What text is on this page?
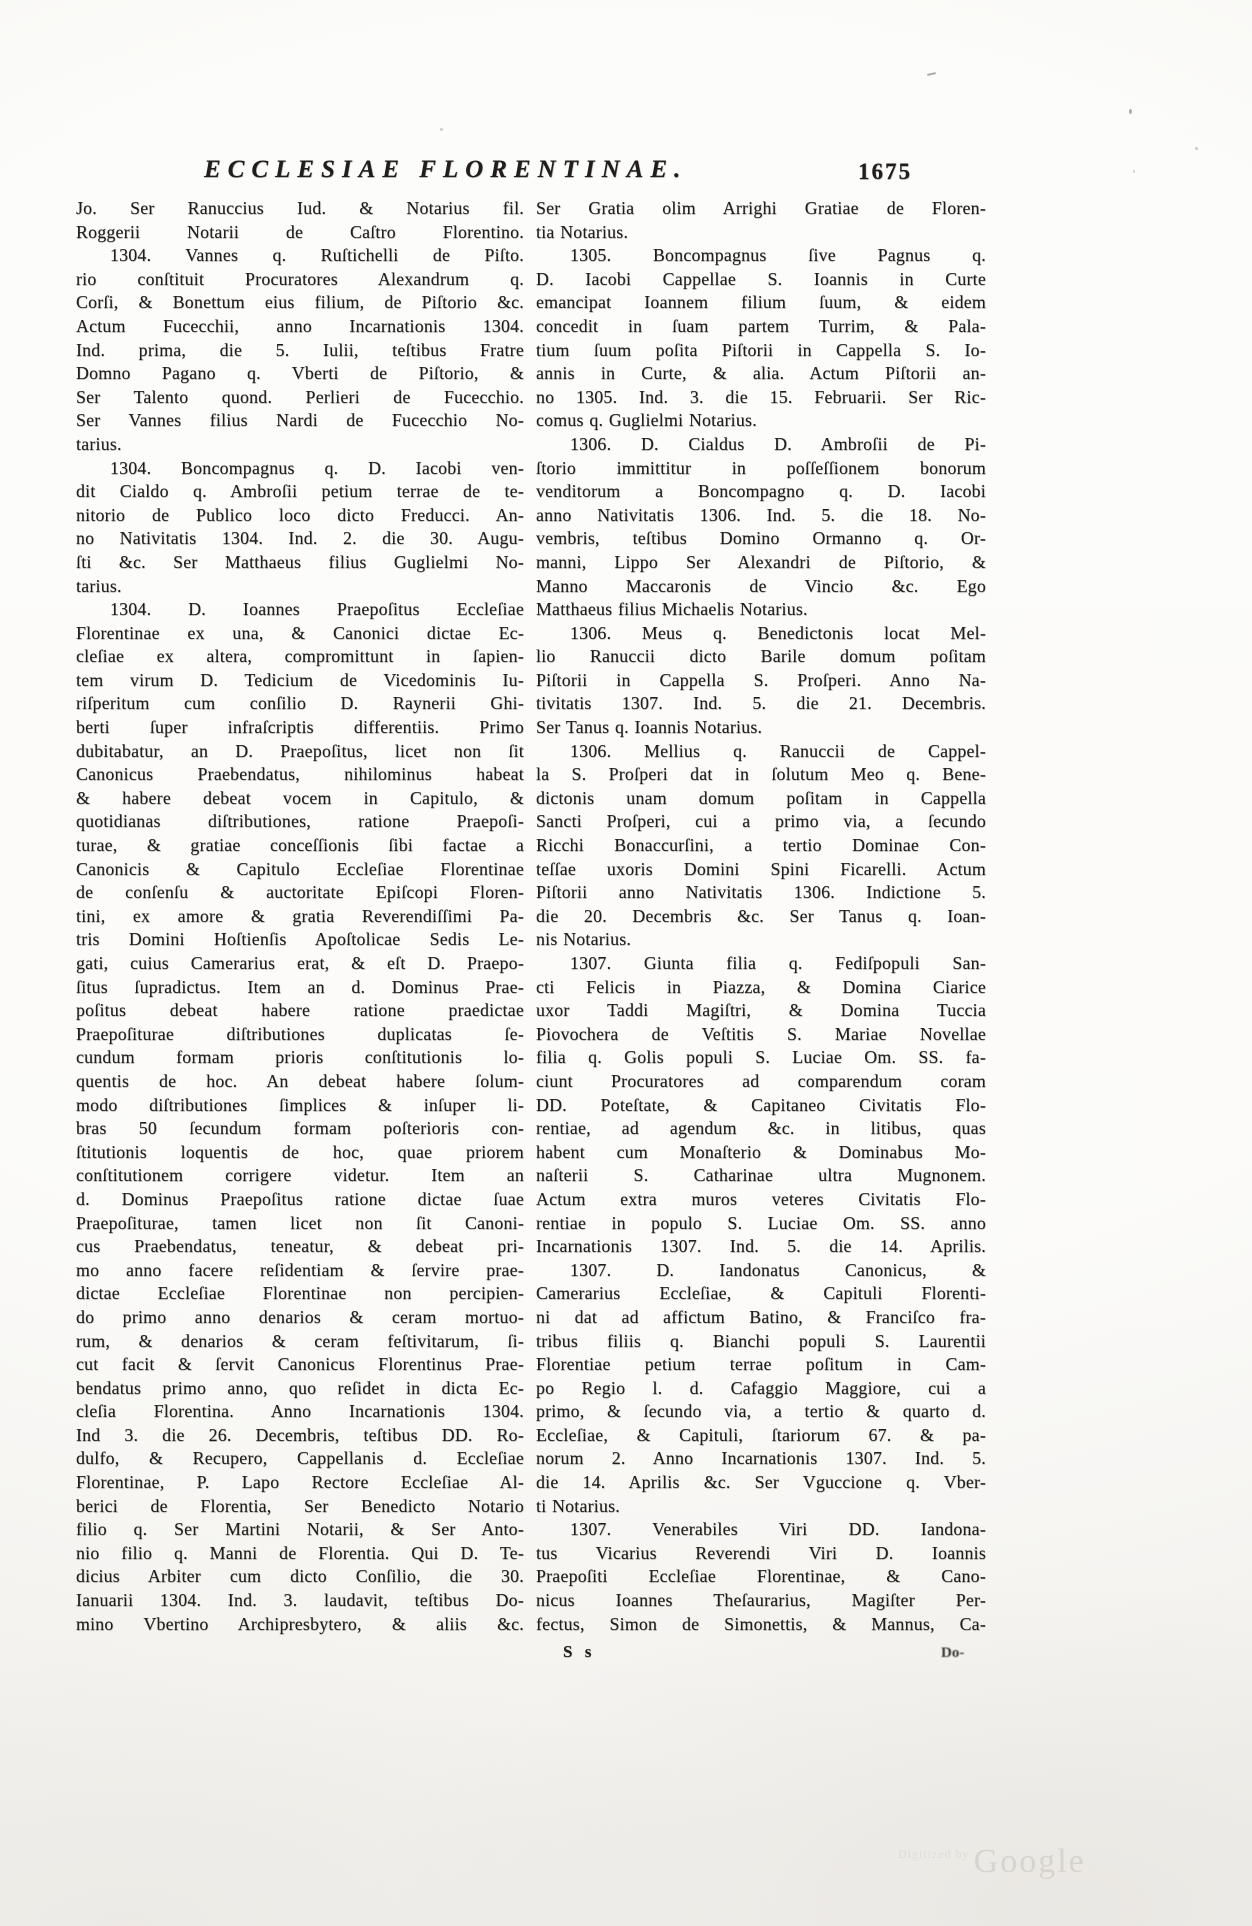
ECCLESIAE FLORENTINAE.	1675
Jo. Ser Ranuccius Iud. & Notarius fil.
Roggerii Notarii de Caſtro Florentino.
1304. Vannes q. Ruſtichelli de Piſto.
rio conſtituit Procuratores Alexandrum q.
Corſi, & Bonettum eius filium, de Piſtorio &c.
Actum Fucecchii, anno Incarnationis 1304.
Ind. prima, die 5. Iulii, teſtibus Fratre
Domno Pagano q. Vberti de Piſtorio, &
Ser Talento quond. Perlieri de Fucecchio.
Ser Vannes filius Nardi de Fucecchio No-
tarius.
1304. Boncompagnus q. D. Iacobi ven-
dit Cialdo q. Ambroſii petium terrae de te-
nitorio de Publico loco dicto Freducci. An-
no Nativitatis 1304. Ind. 2. die 30. Augu-
ſti &c. Ser Matthaeus filius Guglielmi No-
tarius.
1304. D. Ioannes Praepoſitus Eccleſiae
Florentinae ex una, & Canonici dictae Ec-
cleſiae ex altera, compromittunt in ſapien-
tem virum D. Tedicium de Vicedominis Iu-
riſperitum cum conſilio D. Raynerii Ghi-
berti ſuper infraſcriptis differentiis. Primo
dubitabatur, an D. Praepoſitus, licet non ſit
Canonicus Praebendatus, nihilominus habeat
& habere debeat vocem in Capitulo, &
quotidianas diſtributiones, ratione Praepoſi-
turae, & gratiae conceſſionis ſibi factae a
Canonicis & Capitulo Eccleſiae Florentinae
de conſenſu & auctoritate Epiſcopi Floren-
tini, ex amore & gratia Reverendiſſimi Pa-
tris Domini Hoſtienſis Apoſtolicae Sedis Le-
gati, cuius Camerarius erat, & eſt D. Praepo-
ſitus ſupradictus. Item an d. Dominus Prae-
poſitus debeat habere ratione praedictae
Praepoſiturae diſtributiones duplicatas ſe-
cundum formam prioris conſtitutionis lo-
quentis de hoc. An debeat habere ſolum-
modo diſtributiones ſimplices & inſuper li-
bras 50 ſecundum formam poſterioris con-
ſtitutionis loquentis de hoc, quae priorem
conſtitutionem corrigere videtur. Item an
d. Dominus Praepoſitus ratione dictae ſuae
Praepoſiturae, tamen licet non ſit Canoni-
cus Praebendatus, teneatur, & debeat pri-
mo anno facere reſidentiam & ſervire prae-
dictae Eccleſiae Florentinae non percipien-
do primo anno denarios & ceram mortuo-
rum, & denarios & ceram feſtivitarum, ſi-
cut facit & ſervit Canonicus Florentinus Prae-
bendatus primo anno, quo reſidet in dicta Ec-
cleſia Florentina. Anno Incarnationis 1304.
Ind 3. die 26. Decembris, teſtibus DD. Ro-
dulfo, & Recupero, Cappellanis d. Eccleſiae
Florentinae, P. Lapo Rectore Eccleſiae Al-
berici de Florentia, Ser Benedicto Notario
filio q. Ser Martini Notarii, & Ser Anto-
nio filio q. Manni de Florentia. Qui D. Te-
dicius Arbiter cum dicto Conſilio, die 30.
Ianuarii 1304. Ind. 3. laudavit, teſtibus Do-
mino Vbertino Archipresbytero, & aliis &c.
Ser Gratia olim Arrighi Gratiae de Floren-
tia Notarius.
1305. Boncompagnus ſive Pagnus q.
D. Iacobi Cappellae S. Ioannis in Curte
emancipat Ioannem filium ſuum, & eidem
concedit in ſuam partem Turrim, & Pala-
tium ſuum poſita Piſtorii in Cappella S. Io-
annis in Curte, & alia. Actum Piſtorii an-
no 1305. Ind. 3. die 15. Februarii. Ser Ric-
comus q. Guglielmi Notarius.
1306. D. Cialdus D. Ambroſii de Pi-
ſtorio immittitur in poſſeſſionem bonorum
venditorum a Boncompagno q. D. Iacobi
anno Nativitatis 1306. Ind. 5. die 18. No-
vembris, teſtibus Domino Ormanno q. Or-
manni, Lippo Ser Alexandri de Piſtorio, &
Manno Maccaronis de Vincio &c. Ego
Matthaeus filius Michaelis Notarius.
1306. Meus q. Benedictonis locat Mel-
lio Ranuccii dicto Barile domum poſitam
Piſtorii in Cappella S. Proſperi. Anno Na-
tivitatis 1307. Ind. 5. die 21. Decembris.
Ser Tanus q. Ioannis Notarius.
1306. Mellius q. Ranuccii de Cappel-
la S. Proſperi dat in ſolutum Meo q. Bene-
dictonis unam domum poſitam in Cappella
Sancti Proſperi, cui a primo via, a ſecundo
Ricchi Bonaccurſini, a tertio Dominae Con-
teſſae uxoris Domini Spini Ficarelli. Actum
Piſtorii anno Nativitatis 1306. Indictione 5.
die 20. Decembris &c. Ser Tanus q. Ioan-
nis Notarius.
1307. Giunta filia q. Fediſpopuli San-
cti Felicis in Piazza, & Domina Ciarice
uxor Taddi Magiſtri, & Domina Tuccia
Piovochera de Veſtitis S. Mariae Novellae
filia q. Golis populi S. Luciae Om. SS. fa-
ciunt Procuratores ad comparendum coram
DD. Poteſtate, & Capitaneo Civitatis Flo-
rentiae, ad agendum &c. in litibus, quas
habent cum Monaſterio & Dominabus Mo-
naſterii S. Catharinae ultra Mugnonem.
Actum extra muros veteres Civitatis Flo-
rentiae in populo S. Luciae Om. SS. anno
Incarnationis 1307. Ind. 5. die 14. Aprilis.
1307. D. Iandonatus Canonicus, &
Camerarius Eccleſiae, & Capituli Florenti-
ni dat ad affictum Batino, & Franciſco fra-
tribus filiis q. Bianchi populi S. Laurentii
Florentiae petium terrae poſitum in Cam-
po Regio l. d. Cafaggio Maggiore, cui a
primo, & ſecundo via, a tertio & quarto d.
Eccleſiae, & Capituli, ſtariorum 67. & pa-
norum 2. Anno Incarnationis 1307. Ind. 5.
die 14. Aprilis &c. Ser Vguccione q. Vber-
ti Notarius.
1307. Venerabiles Viri DD. Iandona-
tus Vicarius Reverendi Viri D. Ioannis
Praepoſiti Eccleſiae Florentinae, & Cano-
nicus Ioannes Theſaurarius, Magiſter Per-
fectus, Simon de Simonettis, & Mannus, Ca-
S s	Do-
$^{Digitized by}$ Google
